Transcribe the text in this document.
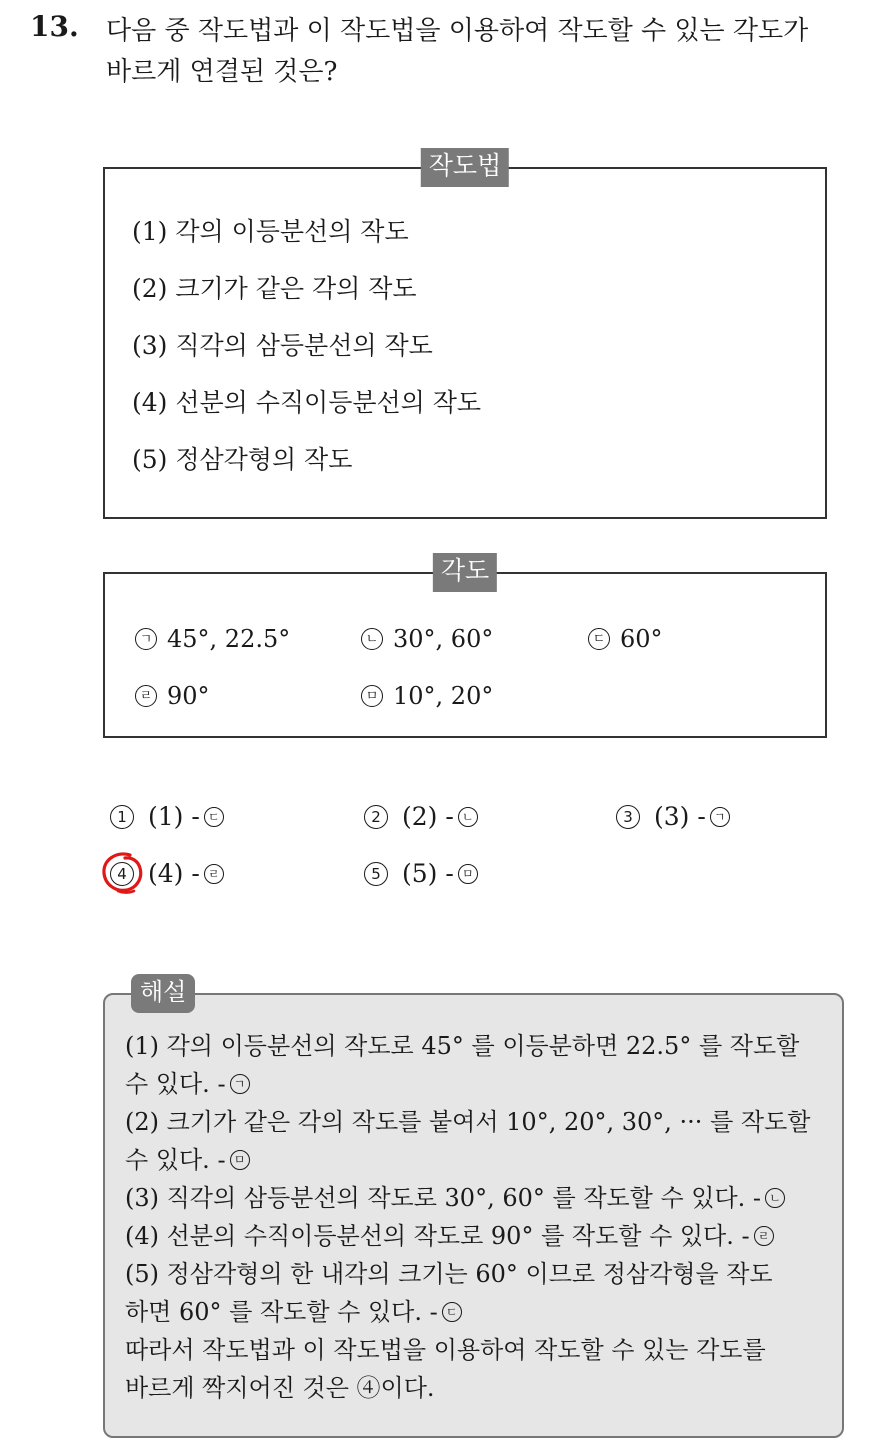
13. 다음 중 작도법과 이 작도법을 이용하여 작도할 수 있는 각도가
바르게 연결된 것은?
작도법
(1) 각의 이등분선의 작도
(2) 크기가 같은 각의 작도
(3) 직각의 삼등분선의 작도
(4) 선분의 수직이등분선의 작도
(5) 정삼각형의 작도
각도
ㄱ 45°, 22.5°	ㄴ 30°, 60°	ㄷ 60°
ㄹ 90°	ㅁ 10°, 20°
1 (1) - ㄷ	2 (2) - ㄴ	3 (3) - ㄱ
4 (4) - ㄹ	5 (5) - ㅁ
해설
(1) 각의 이등분선의 작도로 45° 를 이등분하면 22.5° 를 작도할
수 있다. - ㄱ
(2) 크기가 같은 각의 작도를 붙여서 10°, 20°, 30°, ··· 를 작도할
수 있다. - ㅁ
(3) 직각의 삼등분선의 작도로 30°, 60° 를 작도할 수 있다. - ㄴ
(4) 선분의 수직이등분선의 작도로 90° 를 작도할 수 있다. - ㄹ
(5) 정삼각형의 한 내각의 크기는 60° 이므로 정삼각형을 작도
하면 60° 를 작도할 수 있다. - ㄷ
따라서 작도법과 이 작도법을 이용하여 작도할 수 있는 각도를
바르게 짝지어진 것은 ④이다.
